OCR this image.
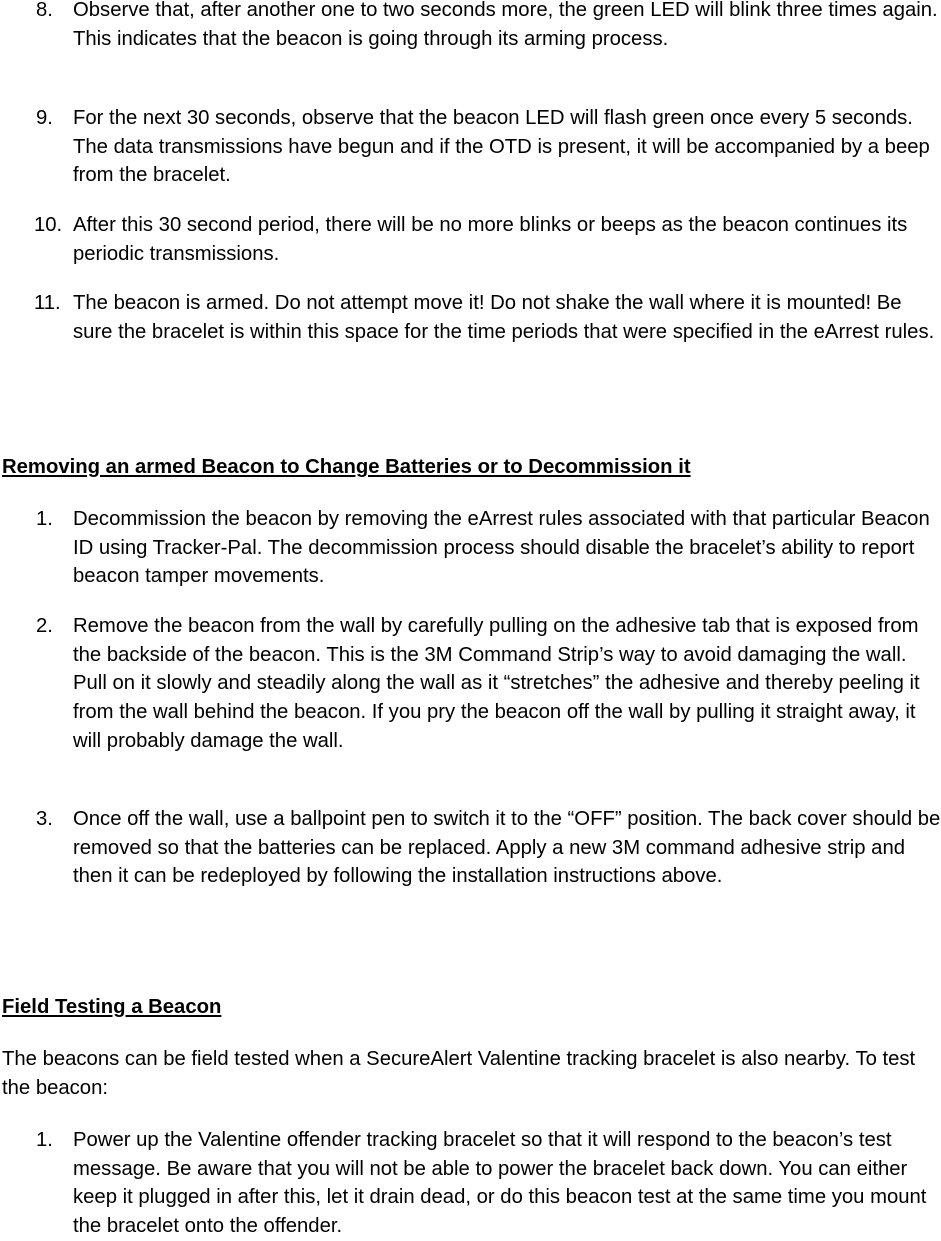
8. Observe that, after another one to two seconds more, the green LED will blink three times again. This indicates that the beacon is going through its arming process.
9. For the next 30 seconds, observe that the beacon LED will flash green once every 5 seconds. The data transmissions have begun and if the OTD is present, it will be accompanied by a beep from the bracelet.
10. After this 30 second period, there will be no more blinks or beeps as the beacon continues its periodic transmissions.
11. The beacon is armed. Do not attempt move it! Do not shake the wall where it is mounted! Be sure the bracelet is within this space for the time periods that were specified in the eArrest rules.
Removing an armed Beacon to Change Batteries or to Decommission it
1. Decommission the beacon by removing the eArrest rules associated with that particular Beacon ID using Tracker-Pal. The decommission process should disable the bracelet’s ability to report beacon tamper movements.
2. Remove the beacon from the wall by carefully pulling on the adhesive tab that is exposed from the backside of the beacon. This is the 3M Command Strip’s way to avoid damaging the wall. Pull on it slowly and steadily along the wall as it “stretches” the adhesive and thereby peeling it from the wall behind the beacon. If you pry the beacon off the wall by pulling it straight away, it will probably damage the wall.
3. Once off the wall, use a ballpoint pen to switch it to the “OFF” position. The back cover should be removed so that the batteries can be replaced. Apply a new 3M command adhesive strip and then it can be redeployed by following the installation instructions above.
Field Testing a Beacon

The beacons can be field tested when a SecureAlert Valentine tracking bracelet is also nearby. To test the beacon:

1. Power up the Valentine offender tracking bracelet so that it will respond to the beacon’s test message. Be aware that you will not be able to power the bracelet back down. You can either keep it plugged in after this, let it drain dead, or do this beacon test at the same time you mount the bracelet onto the offender.
